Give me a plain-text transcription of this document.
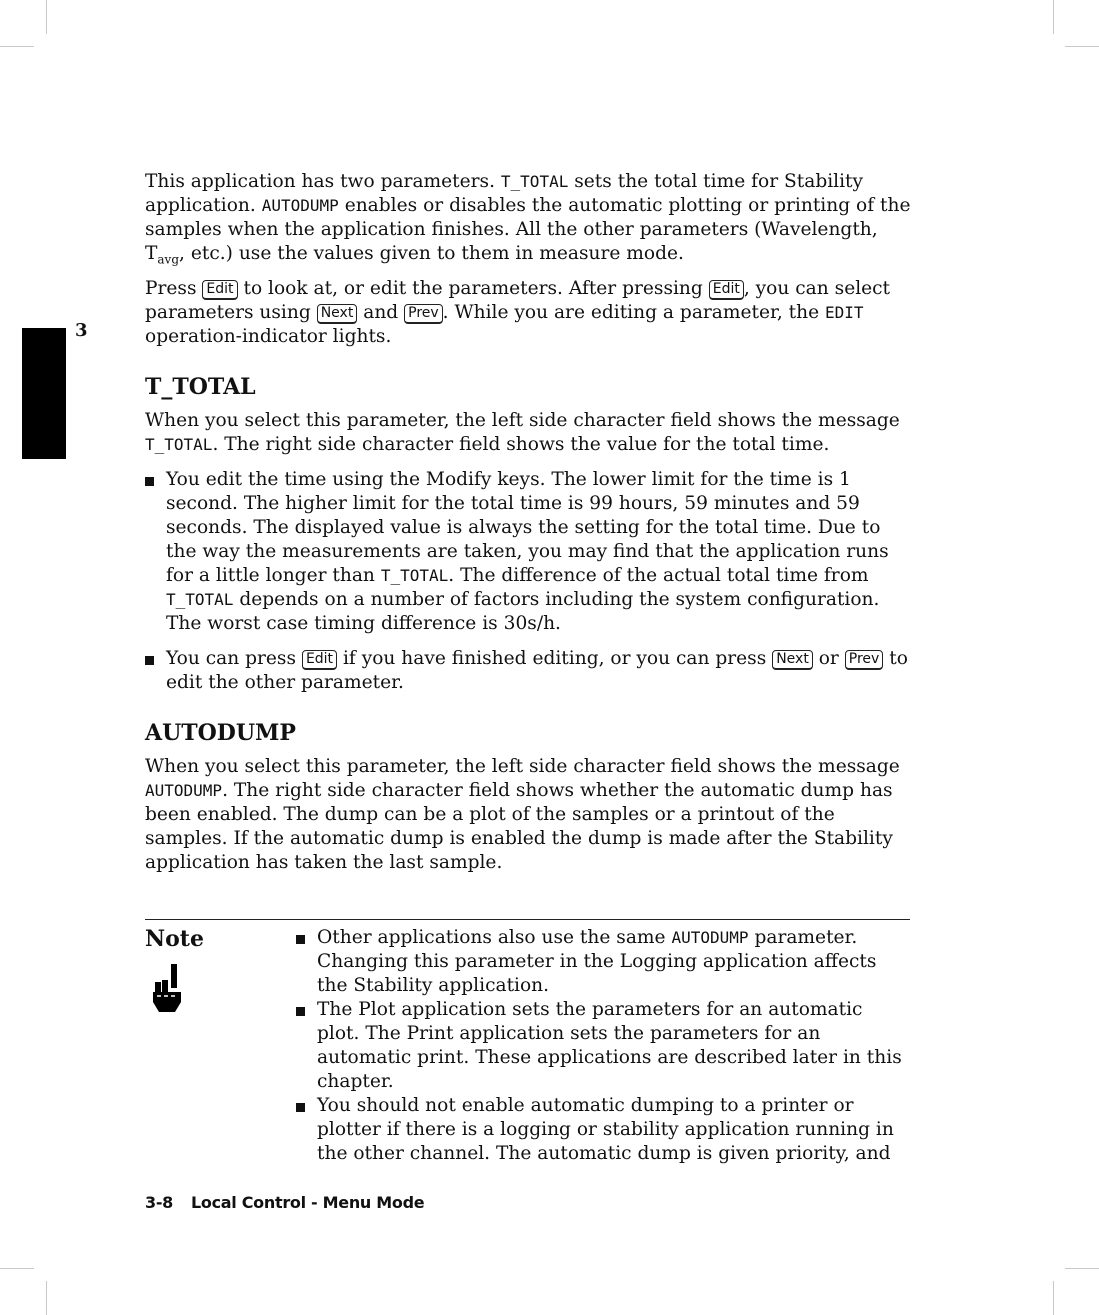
3

This application has two parameters. T_TOTAL sets the total time for Stability application. AUTODUMP enables or disables the automatic plotting or printing of the samples when the application finishes. All the other parameters (Wavelength, $T_{avg}$, etc.) use the values given to them in measure mode.

Press Edit to look at, or edit the parameters. After pressing Edit , you can select parameters using Next and Prev . While you are editing a parameter, the EDIT operation-indicator lights.

T_TOTAL

When you select this parameter, the left side character field shows the message T_TOTAL. The right side character field shows the value for the total time.

You edit the time using the Modify keys. The lower limit for the time is 1 second. The higher limit for the total time is 99 hours, 59 minutes and 59 seconds. The displayed value is always the setting for the total time. Due to the way the measurements are taken, you may find that the application runs for a little longer than T_TOTAL. The difference of the actual total time from T_TOTAL depends on a number of factors including the system configuration. The worst case timing difference is 30s/h.
You can press Edit if you have finished editing, or you can press Next or Prev to edit the other parameter.
AUTODUMP

When you select this parameter, the left side character field shows the message AUTODUMP. The right side character field shows whether the automatic dump has been enabled. The dump can be a plot of the samples or a printout of the samples. If the automatic dump is enabled the dump is made after the Stability application has taken the last sample.

Note	Other applications also use the same AUTODUMP parameter. Changing this parameter in the Logging application affects the Stability application.
The Plot application sets the parameters for an automatic plot. The Print application sets the parameters for an automatic print. These applications are described later in this chapter.
You should not enable automatic dumping to a printer or plotter if there is a logging or stability application running in the other channel. The automatic dump is given priority, and
3-8 Local Control - Menu Mode
